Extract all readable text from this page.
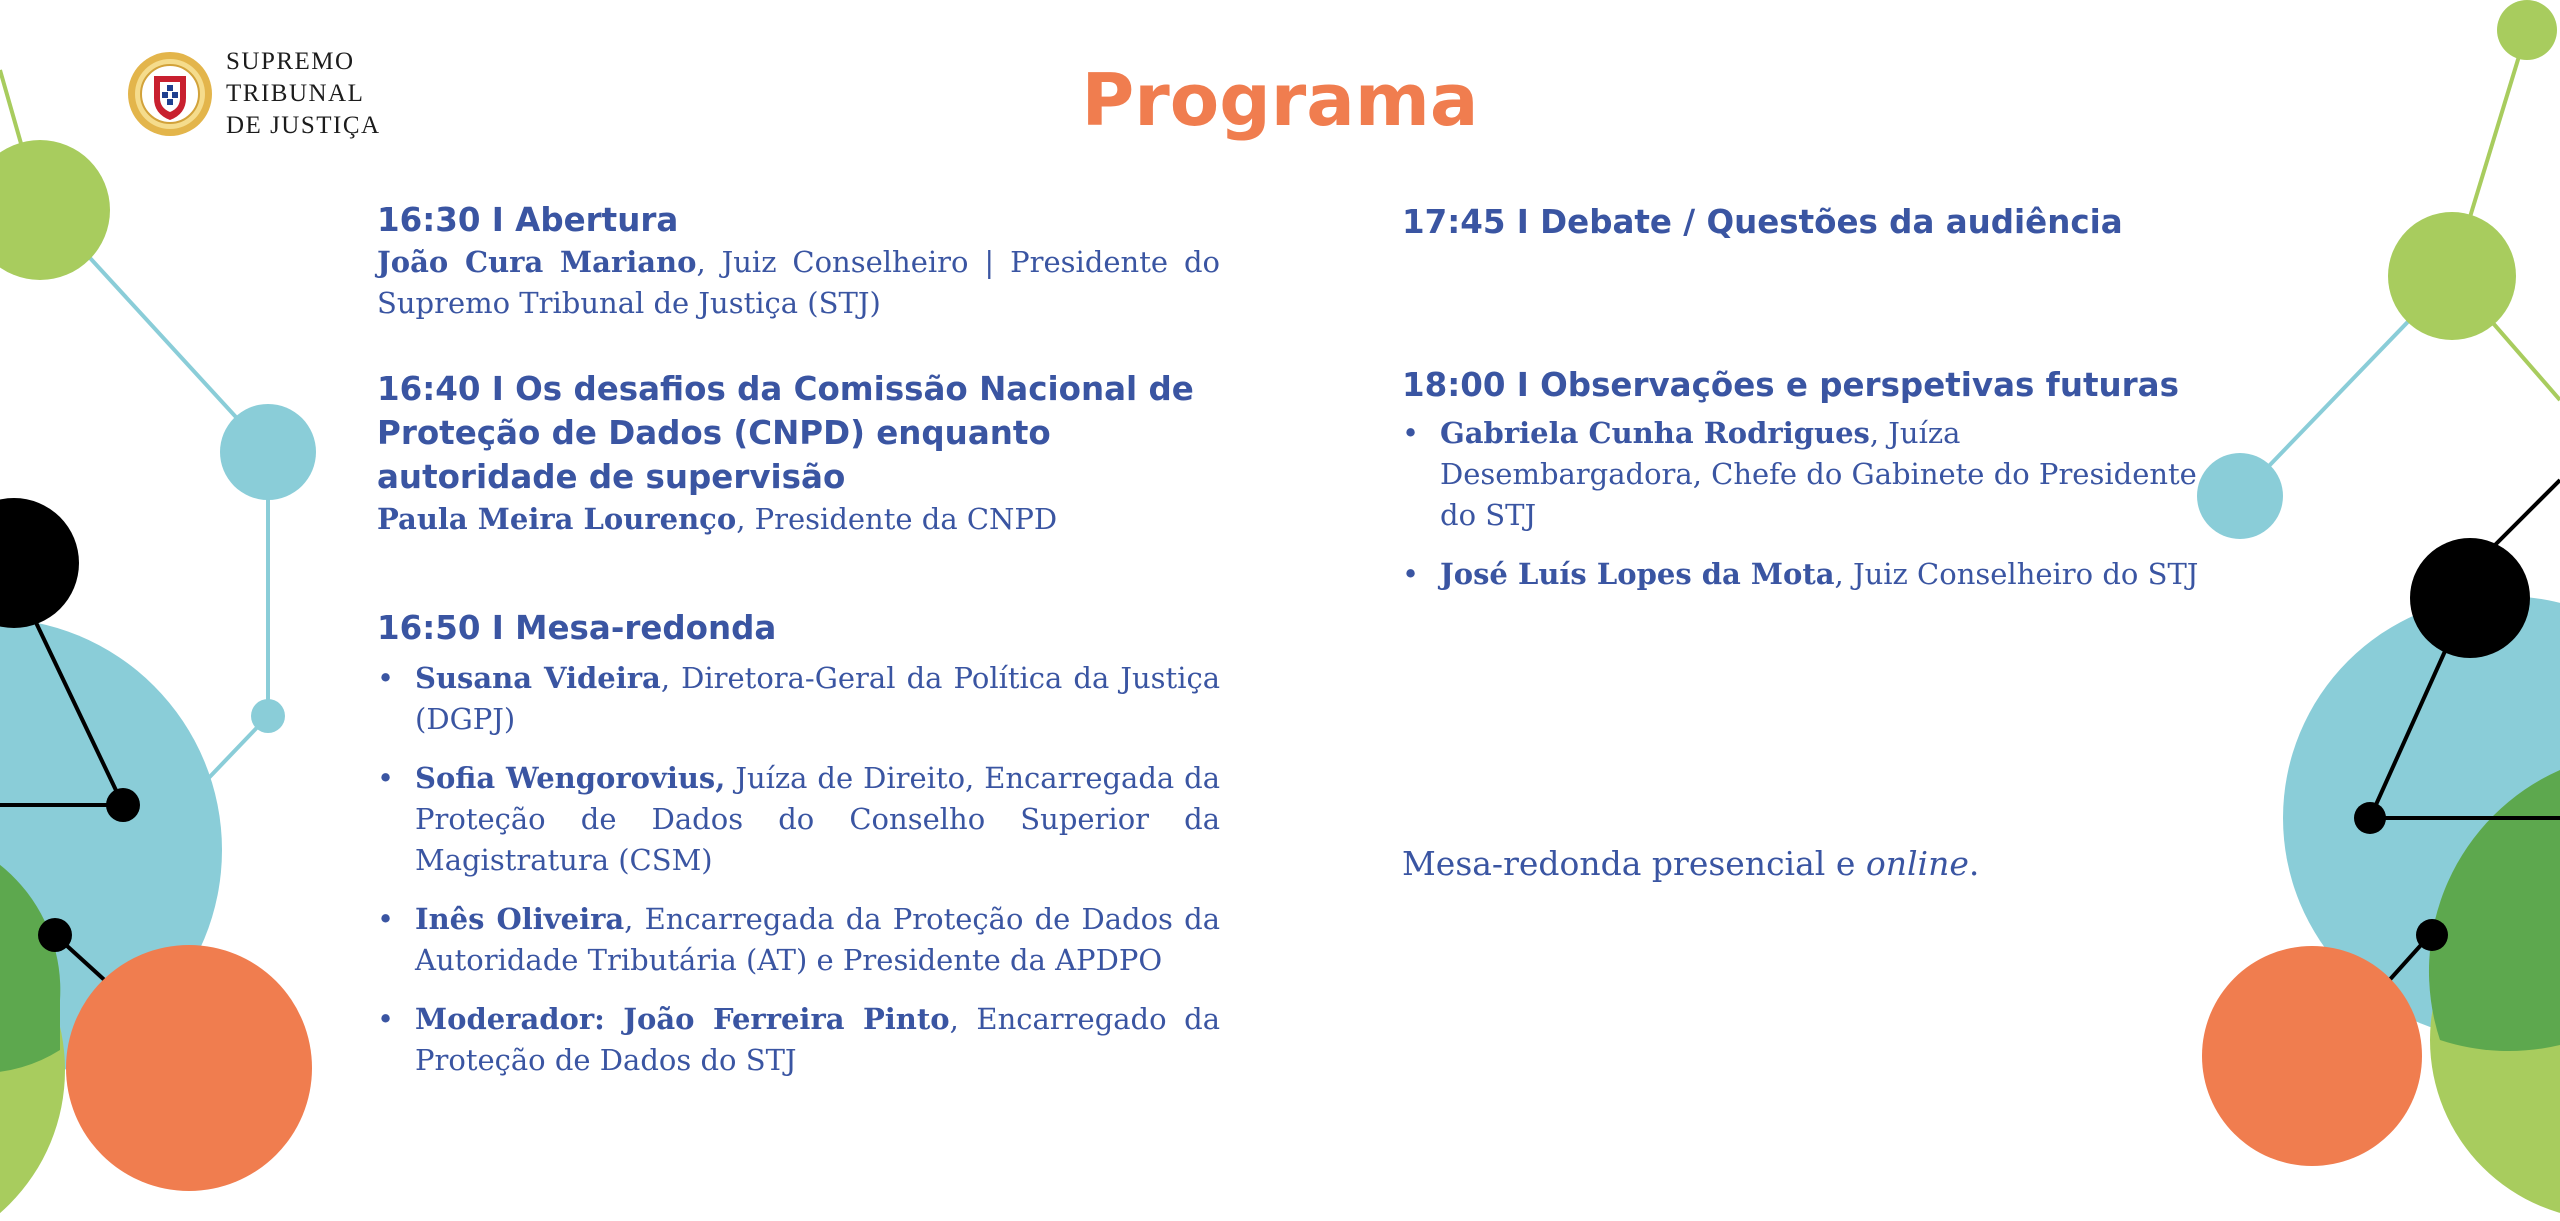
SUPREMO
TRIBUNAL
DE JUSTIÇA	Programa
16:30 I Abertura

João Cura Mariano, Juiz Conselheiro | Presidente do Supremo Tribunal de Justiça (STJ)

16:40 I Os desafios da Comissão Nacional de Proteção de Dados (CNPD) enquanto autoridade de supervisão

Paula Meira Lourenço, Presidente da CNPD

16:50 I Mesa-redonda
• Susana Videira, Diretora-Geral da Política da Justiça (DGPJ)
• Sofia Wengorovius, Juíza de Direito, Encarregada da Proteção de Dados do Conselho Superior da Magistratura (CSM)
• Inês Oliveira, Encarregada da Proteção de Dados da Autoridade Tributária (AT) e Presidente da APDPO
• Moderador: João Ferreira Pinto, Encarregado da Proteção de Dados do STJ
17:45 I Debate / Questões da audiência
18:00 I Observações e perspetivas futuras
• Gabriela Cunha Rodrigues, Juíza Desembargadora, Chefe do Gabinete do Presidente do STJ
• José Luís Lopes da Mota, Juiz Conselheiro do STJ

Mesa-redonda presencial e online.
